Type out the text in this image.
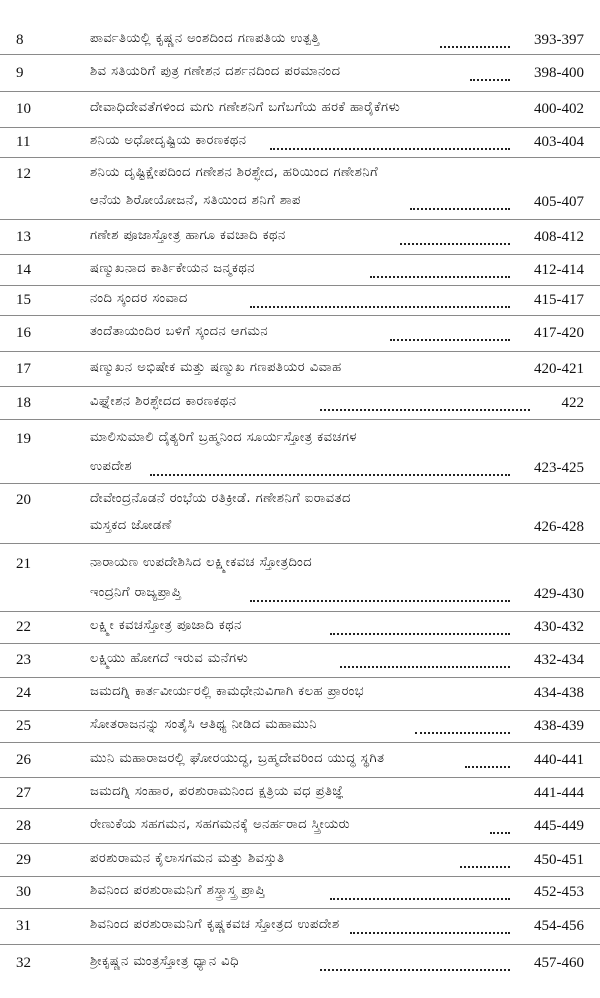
8	ಪಾರ್ವತಿಯಲ್ಲಿ ಕೃಷ್ಣನ ಅಂಶದಿಂದ ಗಣಪತಿಯ ಉತ್ಪತ್ತಿ	393-397
9	ಶಿವ ಸತಿಯರಿಗೆ ಪುತ್ರ ಗಣೇಶನ ದರ್ಶನದಿಂದ ಪರಮಾನಂದ	398-400
10	ದೇವಾಧಿದೇವತೆಗಳಿಂದ ಮಗು ಗಣೇಶನಿಗೆ ಬಗೆಬಗೆಯ ಹರಕೆ ಹಾರೈಕೆಗಳು	400-402
11	ಶನಿಯ ಅಧೋದೃಷ್ಟಿಯ ಕಾರಣಕಥನ	403-404
12	ಶನಿಯ ದೃಷ್ಟಿಕ್ಷೇಪದಿಂದ ಗಣೇಶನ ಶಿರಶ್ಛೇದ, ಹರಿಯಿಂದ ಗಣೇಶನಿಗೆ
ಆನೆಯ ಶಿರೋಯೋಜನೆ, ಸತಿಯಿಂದ ಶನಿಗೆ ಶಾಪ	405-407
13	ಗಣೇಶ ಪೂಜಾಸ್ತೋತ್ರ ಹಾಗೂ ಕವಚಾದಿ ಕಥನ	408-412
14	ಷಣ್ಮುಖನಾದ ಕಾರ್ತಿಕೇಯನ ಜನ್ಮಕಥನ	412-414
15	ನಂದಿ ಸ್ಕಂದರ ಸಂವಾದ	415-417
16	ತಂದೆತಾಯಂದಿರ ಬಳಿಗೆ ಸ್ಕಂದನ ಆಗಮನ	417-420
17	ಷಣ್ಮುಖನ ಅಭಿಷೇಕ ಮತ್ತು ಷಣ್ಮುಖ ಗಣಪತಿಯರ ವಿವಾಹ	420-421
18	ವಿಘ್ನೇಶನ ಶಿರಶ್ಛೇದದ ಕಾರಣಕಥನ	422
19	ಮಾಲಿಸುಮಾಲಿ ದೈತ್ಯರಿಗೆ ಬ್ರಹ್ಮನಿಂದ ಸೂರ್ಯಸ್ತೋತ್ರ ಕವಚಗಳ
ಉಪದೇಶ	423-425
20	ದೇವೇಂದ್ರನೊಡನೆ ರಂಭೆಯ ರತಿಕ್ರೀಡೆ. ಗಣೇಶನಿಗೆ ಐರಾವತದ
ಮಸ್ತಕದ ಜೋಡಣೆ	426-428
21	ನಾರಾಯಣ ಉಪದೇಶಿಸಿದ ಲಕ್ಷ್ಮೀಕವಚ ಸ್ತೋತ್ರದಿಂದ
ಇಂದ್ರನಿಗೆ ರಾಜ್ಯಪ್ರಾಪ್ತಿ	429-430
22	ಲಕ್ಷ್ಮೀ ಕವಚಸ್ತೋತ್ರ ಪೂಜಾದಿ ಕಥನ	430-432
23	ಲಕ್ಷ್ಮಿಯು ಹೋಗದೆ ಇರುವ ಮನೆಗಳು	432-434
24	ಜಮದಗ್ನಿ ಕಾರ್ತವೀರ್ಯರಲ್ಲಿ ಕಾಮಧೇನುವಿಗಾಗಿ ಕಲಹ ಪ್ರಾರಂಭ	434-438
25	ಸೋತರಾಜನನ್ನು ಸಂತೈಸಿ ಆತಿಥ್ಯ ನೀಡಿದ ಮಹಾಮುನಿ	438-439
26	ಮುನಿ ಮಹಾರಾಜರಲ್ಲಿ ಘೋರಯುದ್ಧ, ಬ್ರಹ್ಮದೇವರಿಂದ ಯುದ್ಧ ಸ್ಥಗಿತ	440-441
27	ಜಮದಗ್ನಿ ಸಂಹಾರ, ಪರಶುರಾಮನಿಂದ ಕ್ಷತ್ರಿಯ ವಧ ಪ್ರತಿಜ್ಞೆ	441-444
28	ರೇಣುಕೆಯ ಸಹಗಮನ, ಸಹಗಮನಕ್ಕೆ ಅನರ್ಹರಾದ ಸ್ತ್ರೀಯರು	445-449
29	ಪರಶುರಾಮನ ಕೈಲಾಸಗಮನ ಮತ್ತು ಶಿವಸ್ತುತಿ	450-451
30	ಶಿವನಿಂದ ಪರಶುರಾಮನಿಗೆ ಶಸ್ತ್ರಾಸ್ತ್ರ ಪ್ರಾಪ್ತಿ	452-453
31	ಶಿವನಿಂದ ಪರಶುರಾಮನಿಗೆ ಕೃಷ್ಣಕವಚ ಸ್ತೋತ್ರದ ಉಪದೇಶ	454-456
32	ಶ್ರೀಕೃಷ್ಣನ ಮಂತ್ರಸ್ತೋತ್ರ ಧ್ಯಾನ ವಿಧಿ	457-460
